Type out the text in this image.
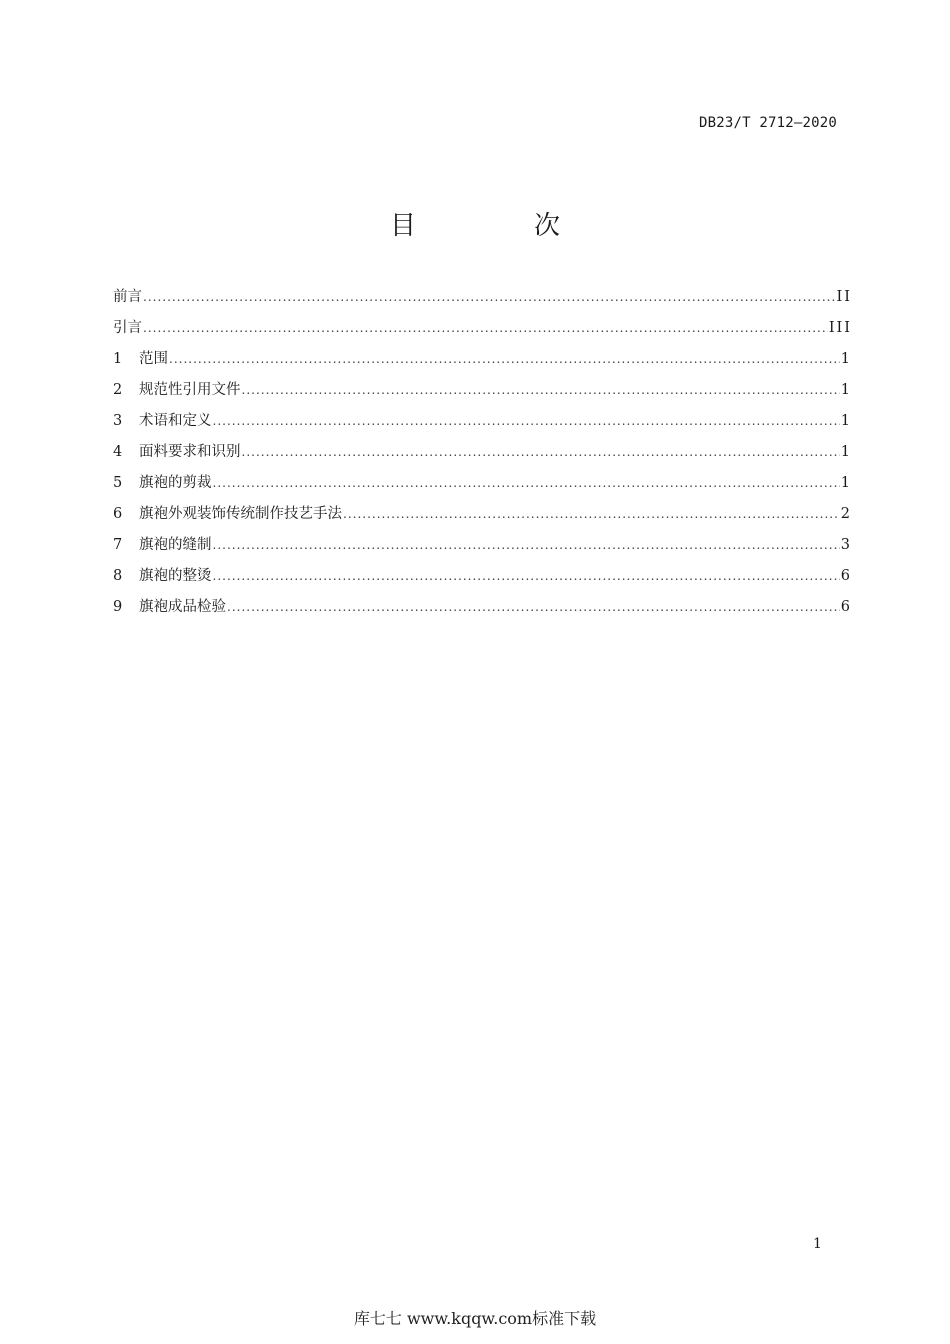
DB23/T 2712—2020
目　次
前言 .....	II
引言 .....	III
1	范围 .....	1
2	规范性引用文件 .....	1
3	术语和定义 .....	1
4	面料要求和识别 .....	1
5	旗袍的剪裁 .....	1
6	旗袍外观装饰传统制作技艺手法 .....	2
7	旗袍的缝制 .....	3
8	旗袍的整烫 .....	6
9	旗袍成品检验 .....	6
1
库七七 www.kqqw.com标准下载
